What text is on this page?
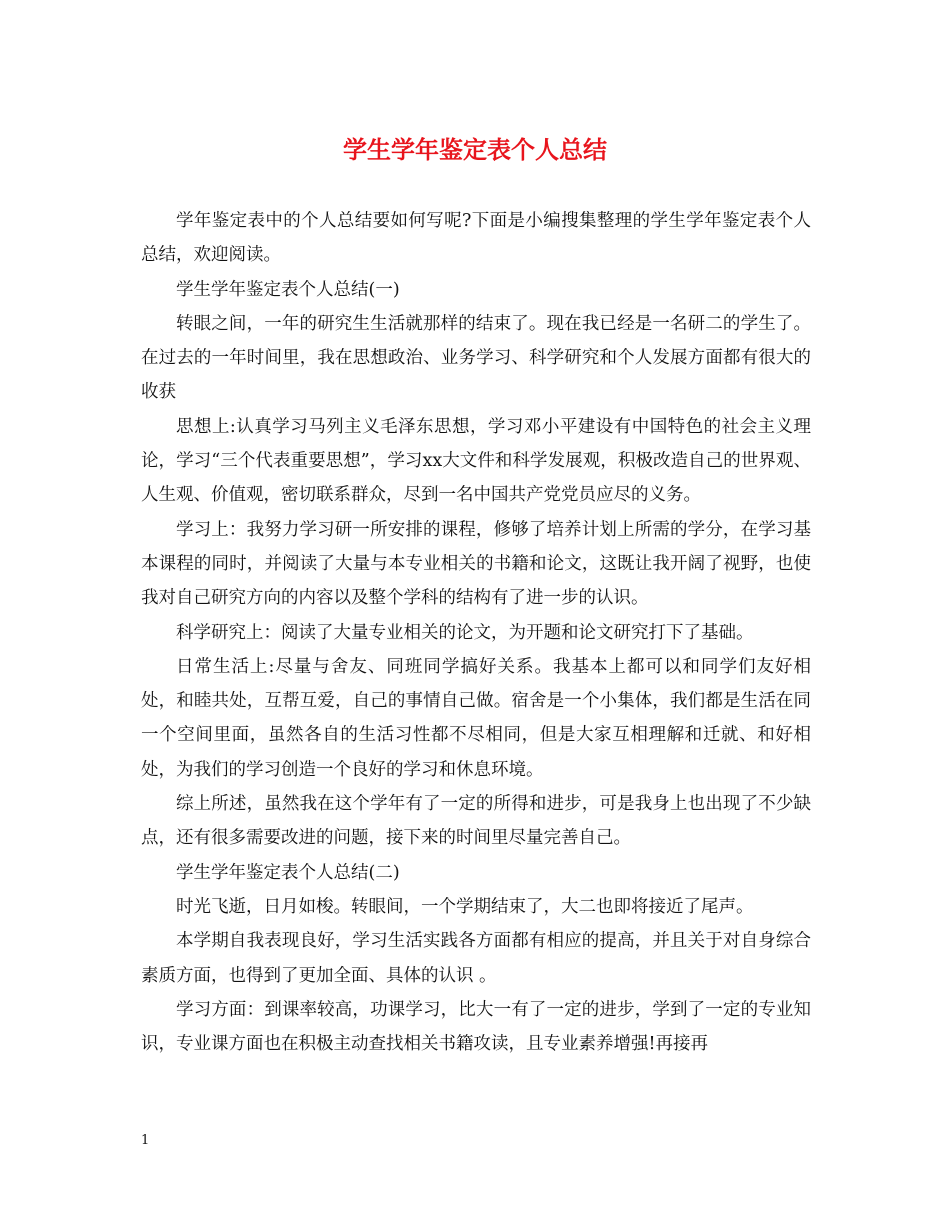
学生学年鉴定表个人总结

学年鉴定表中的个人总结要如何写呢?下面是小编搜集整理的学生学年鉴定表个人总结，欢迎阅读。

学生学年鉴定表个人总结(一)

转眼之间，一年的研究生生活就那样的结束了。现在我已经是一名研二的学生了。在过去的一年时间里，我在思想政治、业务学习、科学研究和个人发展方面都有很大的收获

思想上:认真学习马列主义毛泽东思想，学习邓小平建设有中国特色的社会主义理论，学习“三个代表重要思想”，学习xx大文件和科学发展观，积极改造自己的世界观、人生观、价值观，密切联系群众，尽到一名中国共产党党员应尽的义务。

学习上：我努力学习研一所安排的课程，修够了培养计划上所需的学分，在学习基本课程的同时，并阅读了大量与本专业相关的书籍和论文，这既让我开阔了视野，也使我对自己研究方向的内容以及整个学科的结构有了进一步的认识。

科学研究上：阅读了大量专业相关的论文，为开题和论文研究打下了基础。

日常生活上:尽量与舍友、同班同学搞好关系。我基本上都可以和同学们友好相处，和睦共处，互帮互爱，自己的事情自己做。宿舍是一个小集体，我们都是生活在同一个空间里面，虽然各自的生活习性都不尽相同，但是大家互相理解和迁就、和好相处，为我们的学习创造一个良好的学习和休息环境。

综上所述，虽然我在这个学年有了一定的所得和进步，可是我身上也出现了不少缺点，还有很多需要改进的问题，接下来的时间里尽量完善自己。

学生学年鉴定表个人总结(二)

时光飞逝，日月如梭。转眼间，一个学期结束了，大二也即将接近了尾声。

本学期自我表现良好，学习生活实践各方面都有相应的提高，并且关于对自身综合素质方面，也得到了更加全面、具体的认识 。

学习方面：到课率较高，功课学习，比大一有了一定的进步，学到了一定的专业知识，专业课方面也在积极主动查找相关书籍攻读，且专业素养增强!再接再

1
